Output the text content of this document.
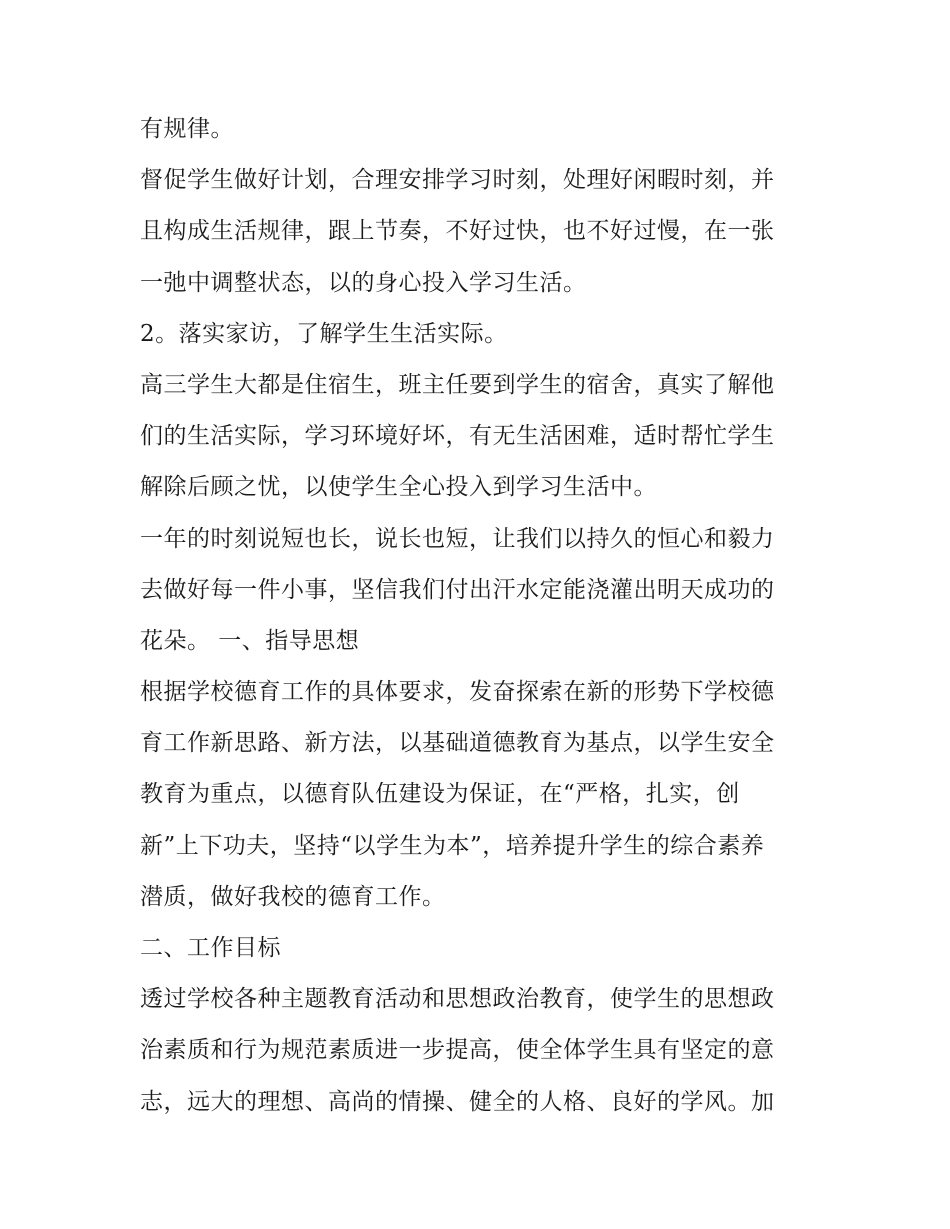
有规律。
督促学生做好计划，合理安排学习时刻，处理好闲暇时刻，并
且构成生活规律，跟上节奏，不好过快，也不好过慢，在一张
一弛中调整状态，以的身心投入学习生活。
2。落实家访，了解学生生活实际。
高三学生大都是住宿生，班主任要到学生的宿舍，真实了解他
们的生活实际，学习环境好坏，有无生活困难，适时帮忙学生
解除后顾之忧，以使学生全心投入到学习生活中。
一年的时刻说短也长，说长也短，让我们以持久的恒心和毅力
去做好每一件小事，坚信我们付出汗水定能浇灌出明天成功的
花朵。 一、指导思想
根据学校德育工作的具体要求，发奋探索在新的形势下学校德
育工作新思路、新方法，以基础道德教育为基点，以学生安全
教育为重点，以德育队伍建设为保证，在“严格，扎实，创
新”上下功夫，坚持“以学生为本”，培养提升学生的综合素养
潜质，做好我校的德育工作。
二、工作目标
透过学校各种主题教育活动和思想政治教育，使学生的思想政
治素质和行为规范素质进一步提高，使全体学生具有坚定的意
志，远大的理想、高尚的情操、健全的人格、良好的学风。加
